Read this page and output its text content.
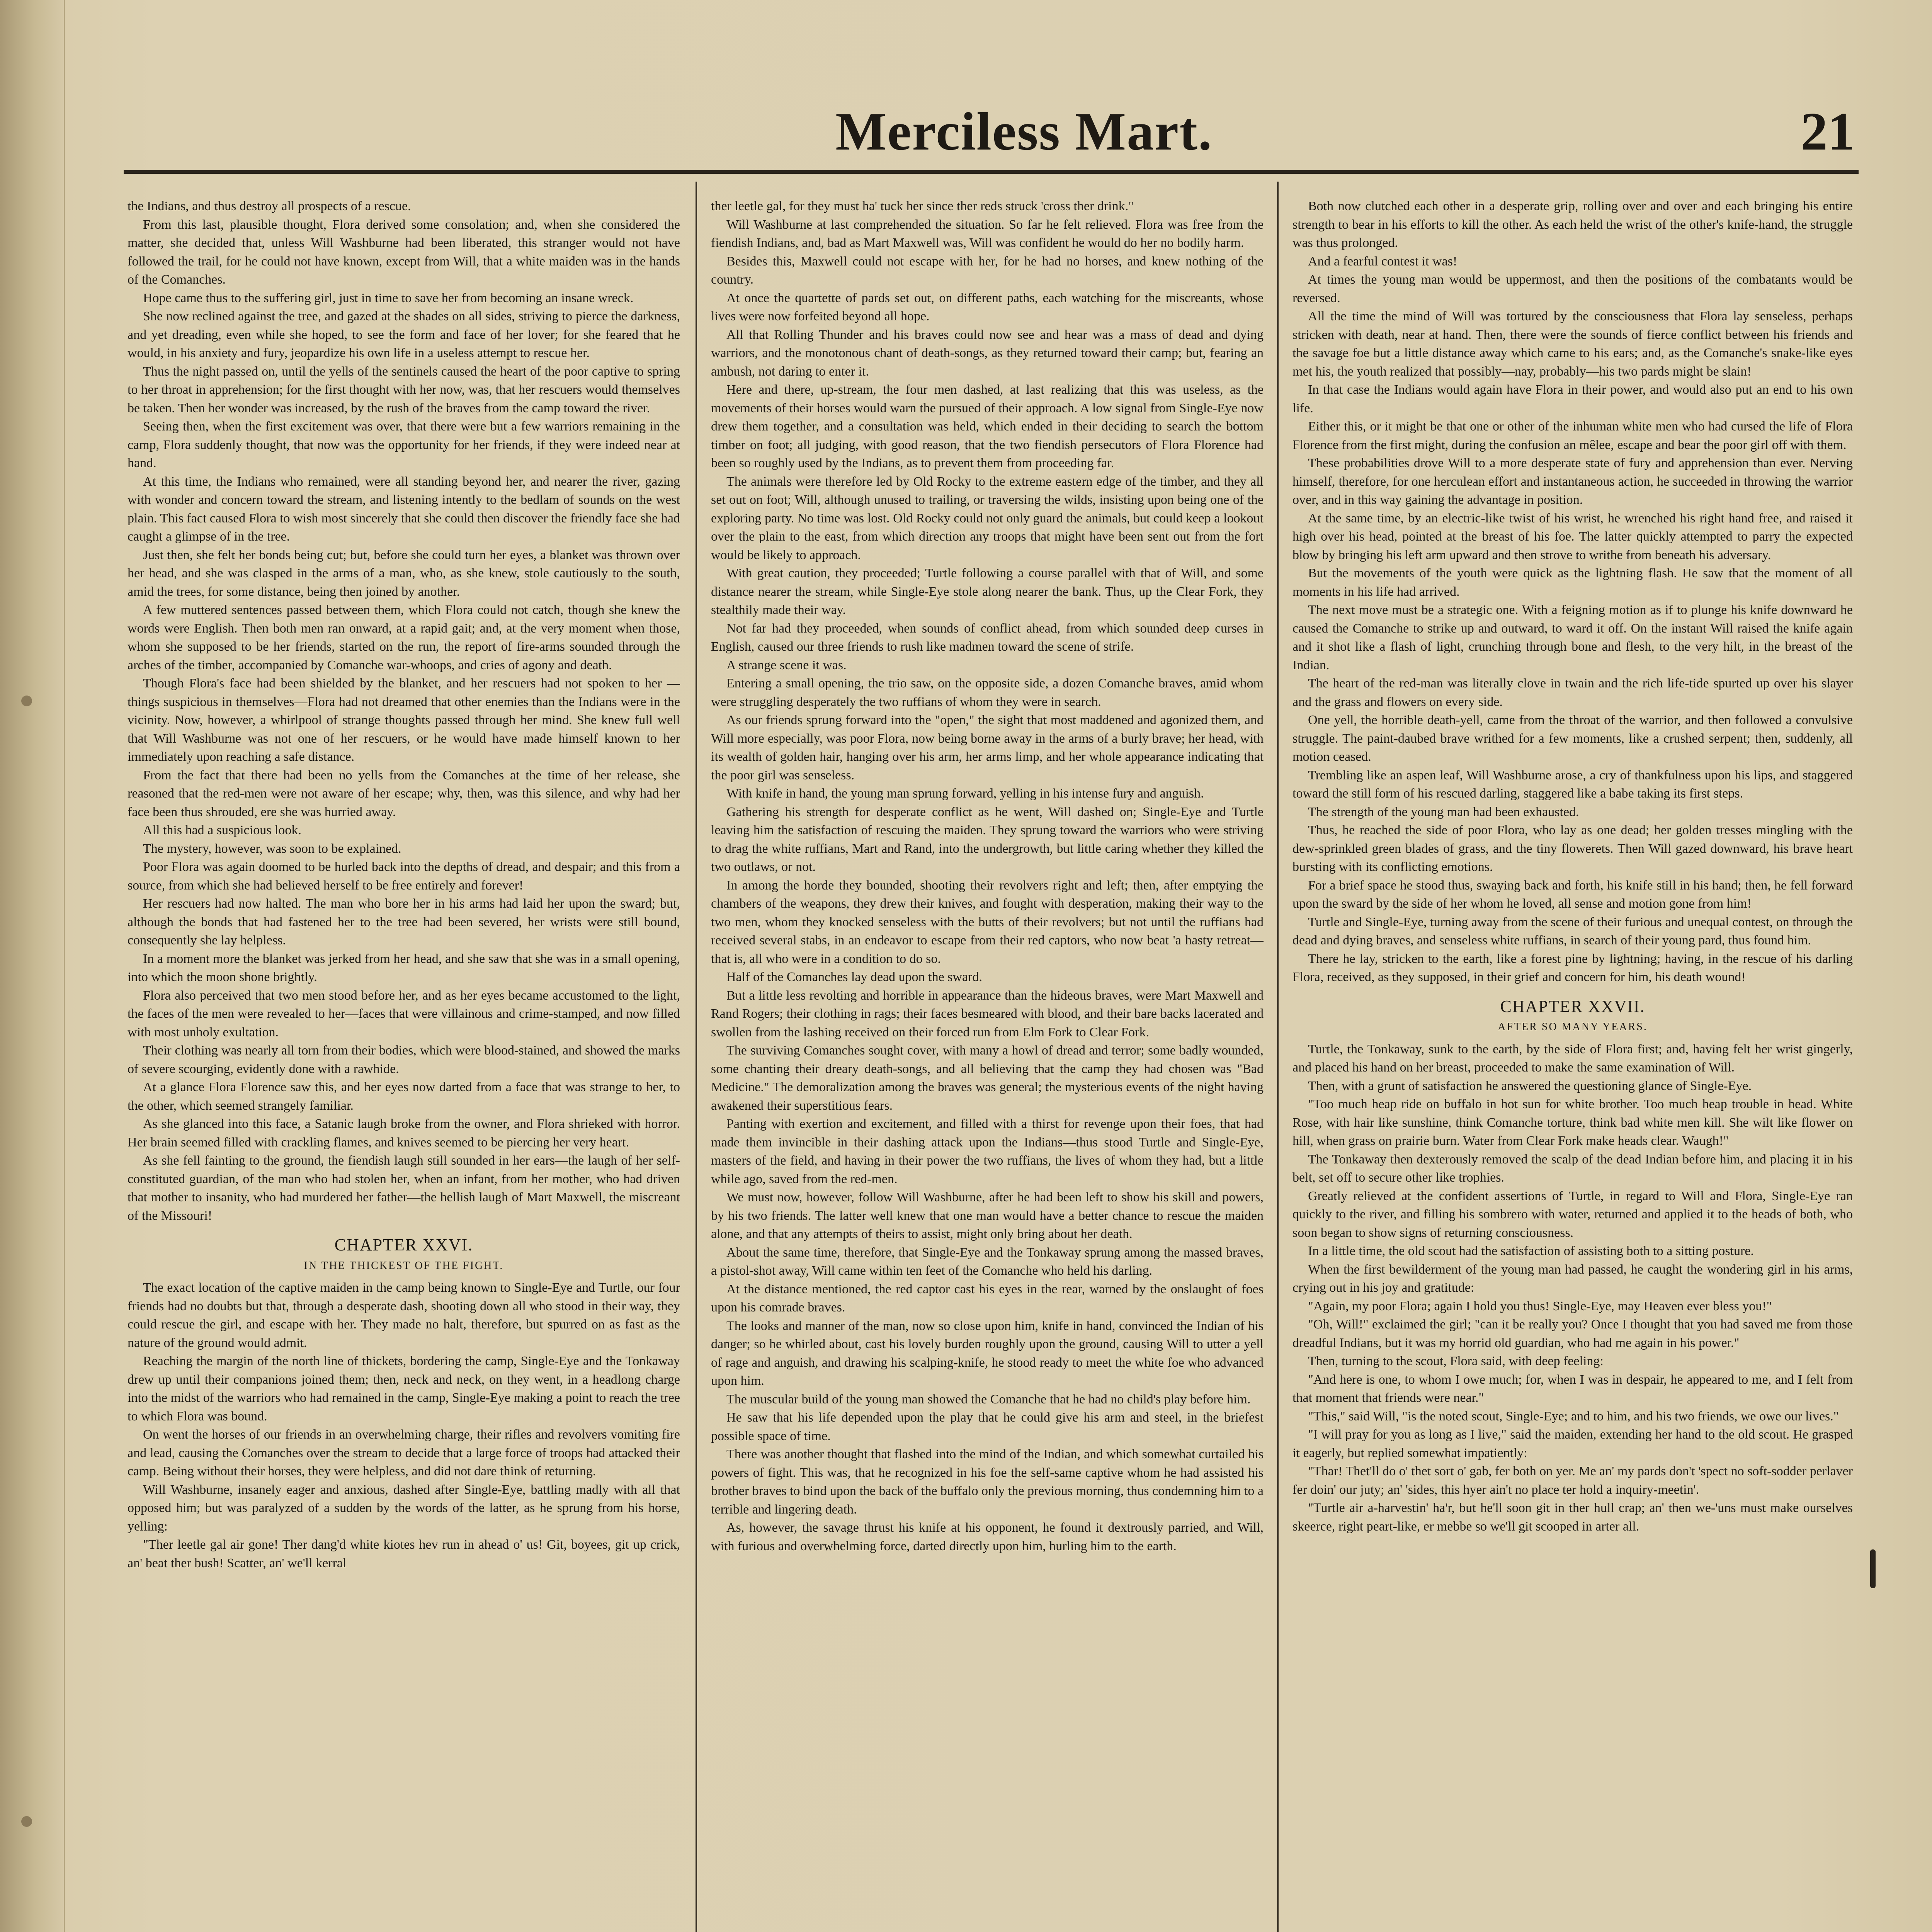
Merciless Mart.	21

the Indians, and thus destroy all prospects of a rescue.

From this last, plausible thought, Flora derived some consolation; and, when she considered the matter, she decided that, unless Will Washburne had been liberated, this stranger would not have followed the trail, for he could not have known, except from Will, that a white maiden was in the hands of the Comanches.

Hope came thus to the suffering girl, just in time to save her from becoming an insane wreck.

She now reclined against the tree, and gazed at the shades on all sides, striving to pierce the darkness, and yet dreading, even while she hoped, to see the form and face of her lover; for she feared that he would, in his anxiety and fury, jeopardize his own life in a useless attempt to rescue her.

Thus the night passed on, until the yells of the sentinels caused the heart of the poor captive to spring to her throat in apprehension; for the first thought with her now, was, that her rescuers would themselves be taken. Then her wonder was increased, by the rush of the braves from the camp toward the river.

Seeing then, when the first excitement was over, that there were but a few warriors remaining in the camp, Flora suddenly thought, that now was the opportunity for her friends, if they were indeed near at hand.

At this time, the Indians who remained, were all standing beyond her, and nearer the river, gazing with wonder and concern toward the stream, and listening intently to the bedlam of sounds on the west plain. This fact caused Flora to wish most sincerely that she could then discover the friendly face she had caught a glimpse of in the tree.

Just then, she felt her bonds being cut; but, before she could turn her eyes, a blanket was thrown over her head, and she was clasped in the arms of a man, who, as she knew, stole cautiously to the south, amid the trees, for some distance, being then joined by another.

A few muttered sentences passed between them, which Flora could not catch, though she knew the words were English. Then both men ran onward, at a rapid gait; and, at the very moment when those, whom she supposed to be her friends, started on the run, the report of fire-arms sounded through the arches of the timber, accompanied by Comanche war-whoops, and cries of agony and death.

Though Flora's face had been shielded by the blanket, and her rescuers had not spoken to her — things suspicious in themselves—Flora had not dreamed that other enemies than the Indians were in the vicinity. Now, however, a whirlpool of strange thoughts passed through her mind. She knew full well that Will Washburne was not one of her rescuers, or he would have made himself known to her immediately upon reaching a safe distance.

From the fact that there had been no yells from the Comanches at the time of her release, she reasoned that the red-men were not aware of her escape; why, then, was this silence, and why had her face been thus shrouded, ere she was hurried away.

All this had a suspicious look.

The mystery, however, was soon to be explained.

Poor Flora was again doomed to be hurled back into the depths of dread, and despair; and this from a source, from which she had believed herself to be free entirely and forever!

Her rescuers had now halted. The man who bore her in his arms had laid her upon the sward; but, although the bonds that had fastened her to the tree had been severed, her wrists were still bound, consequently she lay helpless.

In a moment more the blanket was jerked from her head, and she saw that she was in a small opening, into which the moon shone brightly.

Flora also perceived that two men stood before her, and as her eyes became accustomed to the light, the faces of the men were revealed to her—faces that were villainous and crime-stamped, and now filled with most unholy exultation.

Their clothing was nearly all torn from their bodies, which were blood-stained, and showed the marks of severe scourging, evidently done with a rawhide.

At a glance Flora Florence saw this, and her eyes now darted from a face that was strange to her, to the other, which seemed strangely familiar.

As she glanced into this face, a Satanic laugh broke from the owner, and Flora shrieked with horror. Her brain seemed filled with crackling flames, and knives seemed to be piercing her very heart.

As she fell fainting to the ground, the fiendish laugh still sounded in her ears—the laugh of her self-constituted guardian, of the man who had stolen her, when an infant, from her mother, who had driven that mother to insanity, who had murdered her father—the hellish laugh of Mart Maxwell, the miscreant of the Missouri!

CHAPTER XXVI.
IN THE THICKEST OF THE FIGHT.

The exact location of the captive maiden in the camp being known to Single-Eye and Turtle, our four friends had no doubts but that, through a desperate dash, shooting down all who stood in their way, they could rescue the girl, and escape with her. They made no halt, therefore, but spurred on as fast as the nature of the ground would admit.

Reaching the margin of the north line of thickets, bordering the camp, Single-Eye and the Tonkaway drew up until their companions joined them; then, neck and neck, on they went, in a headlong charge into the midst of the warriors who had remained in the camp, Single-Eye making a point to reach the tree to which Flora was bound.

On went the horses of our friends in an overwhelming charge, their rifles and revolvers vomiting fire and lead, causing the Comanches over the stream to decide that a large force of troops had attacked their camp. Being without their horses, they were helpless, and did not dare think of returning.

Will Washburne, insanely eager and anxious, dashed after Single-Eye, battling madly with all that opposed him; but was paralyzed of a sudden by the words of the latter, as he sprung from his horse, yelling:

"Ther leetle gal air gone! Ther dang'd white kiotes hev run in ahead o' us! Git, boyees, git up crick, an' beat ther bush! Scatter, an' we'll kerral

ther leetle gal, for they must ha' tuck her since ther reds struck 'cross ther drink."

Will Washburne at last comprehended the situation. So far he felt relieved. Flora was free from the fiendish Indians, and, bad as Mart Maxwell was, Will was confident he would do her no bodily harm.

Besides this, Maxwell could not escape with her, for he had no horses, and knew nothing of the country.

At once the quartette of pards set out, on different paths, each watching for the miscreants, whose lives were now forfeited beyond all hope.

All that Rolling Thunder and his braves could now see and hear was a mass of dead and dying warriors, and the monotonous chant of death-songs, as they returned toward their camp; but, fearing an ambush, not daring to enter it.

Here and there, up-stream, the four men dashed, at last realizing that this was useless, as the movements of their horses would warn the pursued of their approach. A low signal from Single-Eye now drew them together, and a consultation was held, which ended in their deciding to search the bottom timber on foot; all judging, with good reason, that the two fiendish persecutors of Flora Florence had been so roughly used by the Indians, as to prevent them from proceeding far.

The animals were therefore led by Old Rocky to the extreme eastern edge of the timber, and they all set out on foot; Will, although unused to trailing, or traversing the wilds, insisting upon being one of the exploring party. No time was lost. Old Rocky could not only guard the animals, but could keep a lookout over the plain to the east, from which direction any troops that might have been sent out from the fort would be likely to approach.

With great caution, they proceeded; Turtle following a course parallel with that of Will, and some distance nearer the stream, while Single-Eye stole along nearer the bank. Thus, up the Clear Fork, they stealthily made their way.

Not far had they proceeded, when sounds of conflict ahead, from which sounded deep curses in English, caused our three friends to rush like madmen toward the scene of strife.

A strange scene it was.

Entering a small opening, the trio saw, on the opposite side, a dozen Comanche braves, amid whom were struggling desperately the two ruffians of whom they were in search.

As our friends sprung forward into the "open," the sight that most maddened and agonized them, and Will more especially, was poor Flora, now being borne away in the arms of a burly brave; her head, with its wealth of golden hair, hanging over his arm, her arms limp, and her whole appearance indicating that the poor girl was senseless.

With knife in hand, the young man sprung forward, yelling in his intense fury and anguish.

Gathering his strength for desperate conflict as he went, Will dashed on; Single-Eye and Turtle leaving him the satisfaction of rescuing the maiden. They sprung toward the warriors who were striving to drag the white ruffians, Mart and Rand, into the undergrowth, but little caring whether they killed the two outlaws, or not.

In among the horde they bounded, shooting their revolvers right and left; then, after emptying the chambers of the weapons, they drew their knives, and fought with desperation, making their way to the two men, whom they knocked senseless with the butts of their revolvers; but not until the ruffians had received several stabs, in an endeavor to escape from their red captors, who now beat 'a hasty retreat—that is, all who were in a condition to do so.

Half of the Comanches lay dead upon the sward.

But a little less revolting and horrible in appearance than the hideous braves, were Mart Maxwell and Rand Rogers; their clothing in rags; their faces besmeared with blood, and their bare backs lacerated and swollen from the lashing received on their forced run from Elm Fork to Clear Fork.

The surviving Comanches sought cover, with many a howl of dread and terror; some badly wounded, some chanting their dreary death-songs, and all believing that the camp they had chosen was "Bad Medicine." The demoralization among the braves was general; the mysterious events of the night having awakened their superstitious fears.

Panting with exertion and excitement, and filled with a thirst for revenge upon their foes, that had made them invincible in their dashing attack upon the Indians—thus stood Turtle and Single-Eye, masters of the field, and having in their power the two ruffians, the lives of whom they had, but a little while ago, saved from the red-men.

We must now, however, follow Will Washburne, after he had been left to show his skill and powers, by his two friends. The latter well knew that one man would have a better chance to rescue the maiden alone, and that any attempts of theirs to assist, might only bring about her death.

About the same time, therefore, that Single-Eye and the Tonkaway sprung among the massed braves, a pistol-shot away, Will came within ten feet of the Comanche who held his darling.

At the distance mentioned, the red captor cast his eyes in the rear, warned by the onslaught of foes upon his comrade braves.

The looks and manner of the man, now so close upon him, knife in hand, convinced the Indian of his danger; so he whirled about, cast his lovely burden roughly upon the ground, causing Will to utter a yell of rage and anguish, and drawing his scalping-knife, he stood ready to meet the white foe who advanced upon him.

The muscular build of the young man showed the Comanche that he had no child's play before him.

He saw that his life depended upon the play that he could give his arm and steel, in the briefest possible space of time.

There was another thought that flashed into the mind of the Indian, and which somewhat curtailed his powers of fight. This was, that he recognized in his foe the self-same captive whom he had assisted his brother braves to bind upon the back of the buffalo only the previous morning, thus condemning him to a terrible and lingering death.

As, however, the savage thrust his knife at his opponent, he found it dextrously parried, and Will, with furious and overwhelming force, darted directly upon him, hurling him to the earth.

Both now clutched each other in a desperate grip, rolling over and over and each bringing his entire strength to bear in his efforts to kill the other. As each held the wrist of the other's knife-hand, the struggle was thus prolonged.

And a fearful contest it was!

At times the young man would be uppermost, and then the positions of the combatants would be reversed.

All the time the mind of Will was tortured by the consciousness that Flora lay senseless, perhaps stricken with death, near at hand. Then, there were the sounds of fierce conflict between his friends and the savage foe but a little distance away which came to his ears; and, as the Comanche's snake-like eyes met his, the youth realized that possibly—nay, probably—his two pards might be slain!

In that case the Indians would again have Flora in their power, and would also put an end to his own life.

Either this, or it might be that one or other of the inhuman white men who had cursed the life of Flora Florence from the first might, during the confusion an mêlee, escape and bear the poor girl off with them.

These probabilities drove Will to a more desperate state of fury and apprehension than ever. Nerving himself, therefore, for one herculean effort and instantaneous action, he succeeded in throwing the warrior over, and in this way gaining the advantage in position.

At the same time, by an electric-like twist of his wrist, he wrenched his right hand free, and raised it high over his head, pointed at the breast of his foe. The latter quickly attempted to parry the expected blow by bringing his left arm upward and then strove to writhe from beneath his adversary.

But the movements of the youth were quick as the lightning flash. He saw that the moment of all moments in his life had arrived.

The next move must be a strategic one. With a feigning motion as if to plunge his knife downward he caused the Comanche to strike up and outward, to ward it off. On the instant Will raised the knife again and it shot like a flash of light, crunching through bone and flesh, to the very hilt, in the breast of the Indian.

The heart of the red-man was literally clove in twain and the rich life-tide spurted up over his slayer and the grass and flowers on every side.

One yell, the horrible death-yell, came from the throat of the warrior, and then followed a convulsive struggle. The paint-daubed brave writhed for a few moments, like a crushed serpent; then, suddenly, all motion ceased.

Trembling like an aspen leaf, Will Washburne arose, a cry of thankfulness upon his lips, and staggered toward the still form of his rescued darling, staggered like a babe taking its first steps.

The strength of the young man had been exhausted.

Thus, he reached the side of poor Flora, who lay as one dead; her golden tresses mingling with the dew-sprinkled green blades of grass, and the tiny flowerets. Then Will gazed downward, his brave heart bursting with its conflicting emotions.

For a brief space he stood thus, swaying back and forth, his knife still in his hand; then, he fell forward upon the sward by the side of her whom he loved, all sense and motion gone from him!

Turtle and Single-Eye, turning away from the scene of their furious and unequal contest, on through the dead and dying braves, and senseless white ruffians, in search of their young pard, thus found him.

There he lay, stricken to the earth, like a forest pine by lightning; having, in the rescue of his darling Flora, received, as they supposed, in their grief and concern for him, his death wound!

CHAPTER XXVII.
AFTER SO MANY YEARS.

Turtle, the Tonkaway, sunk to the earth, by the side of Flora first; and, having felt her wrist gingerly, and placed his hand on her breast, proceeded to make the same examination of Will.

Then, with a grunt of satisfaction he answered the questioning glance of Single-Eye.

"Too much heap ride on buffalo in hot sun for white brother. Too much heap trouble in head. White Rose, with hair like sunshine, think Comanche torture, think bad white men kill. She wilt like flower on hill, when grass on prairie burn. Water from Clear Fork make heads clear. Waugh!"

The Tonkaway then dexterously removed the scalp of the dead Indian before him, and placing it in his belt, set off to secure other like trophies.

Greatly relieved at the confident assertions of Turtle, in regard to Will and Flora, Single-Eye ran quickly to the river, and filling his sombrero with water, returned and applied it to the heads of both, who soon began to show signs of returning consciousness.

In a little time, the old scout had the satisfaction of assisting both to a sitting posture.

When the first bewilderment of the young man had passed, he caught the wondering girl in his arms, crying out in his joy and gratitude:

"Again, my poor Flora; again I hold you thus! Single-Eye, may Heaven ever bless you!"

"Oh, Will!" exclaimed the girl; "can it be really you? Once I thought that you had saved me from those dreadful Indians, but it was my horrid old guardian, who had me again in his power."

Then, turning to the scout, Flora said, with deep feeling:

"And here is one, to whom I owe much; for, when I was in despair, he appeared to me, and I felt from that moment that friends were near."

"This," said Will, "is the noted scout, Single-Eye; and to him, and his two friends, we owe our lives."

"I will pray for you as long as I live," said the maiden, extending her hand to the old scout. He grasped it eagerly, but replied somewhat impatiently:

"Thar! Thet'll do o' thet sort o' gab, fer both on yer. Me an' my pards don't 'spect no soft-sodder perlaver fer doin' our juty; an' 'sides, this hyer ain't no place ter hold a inquiry-meetin'.

"Turtle air a-harvestin' ha'r, but he'll soon git in ther hull crap; an' then we-'uns must make ourselves skeerce, right peart-like, er mebbe so we'll git scooped in arter all.
